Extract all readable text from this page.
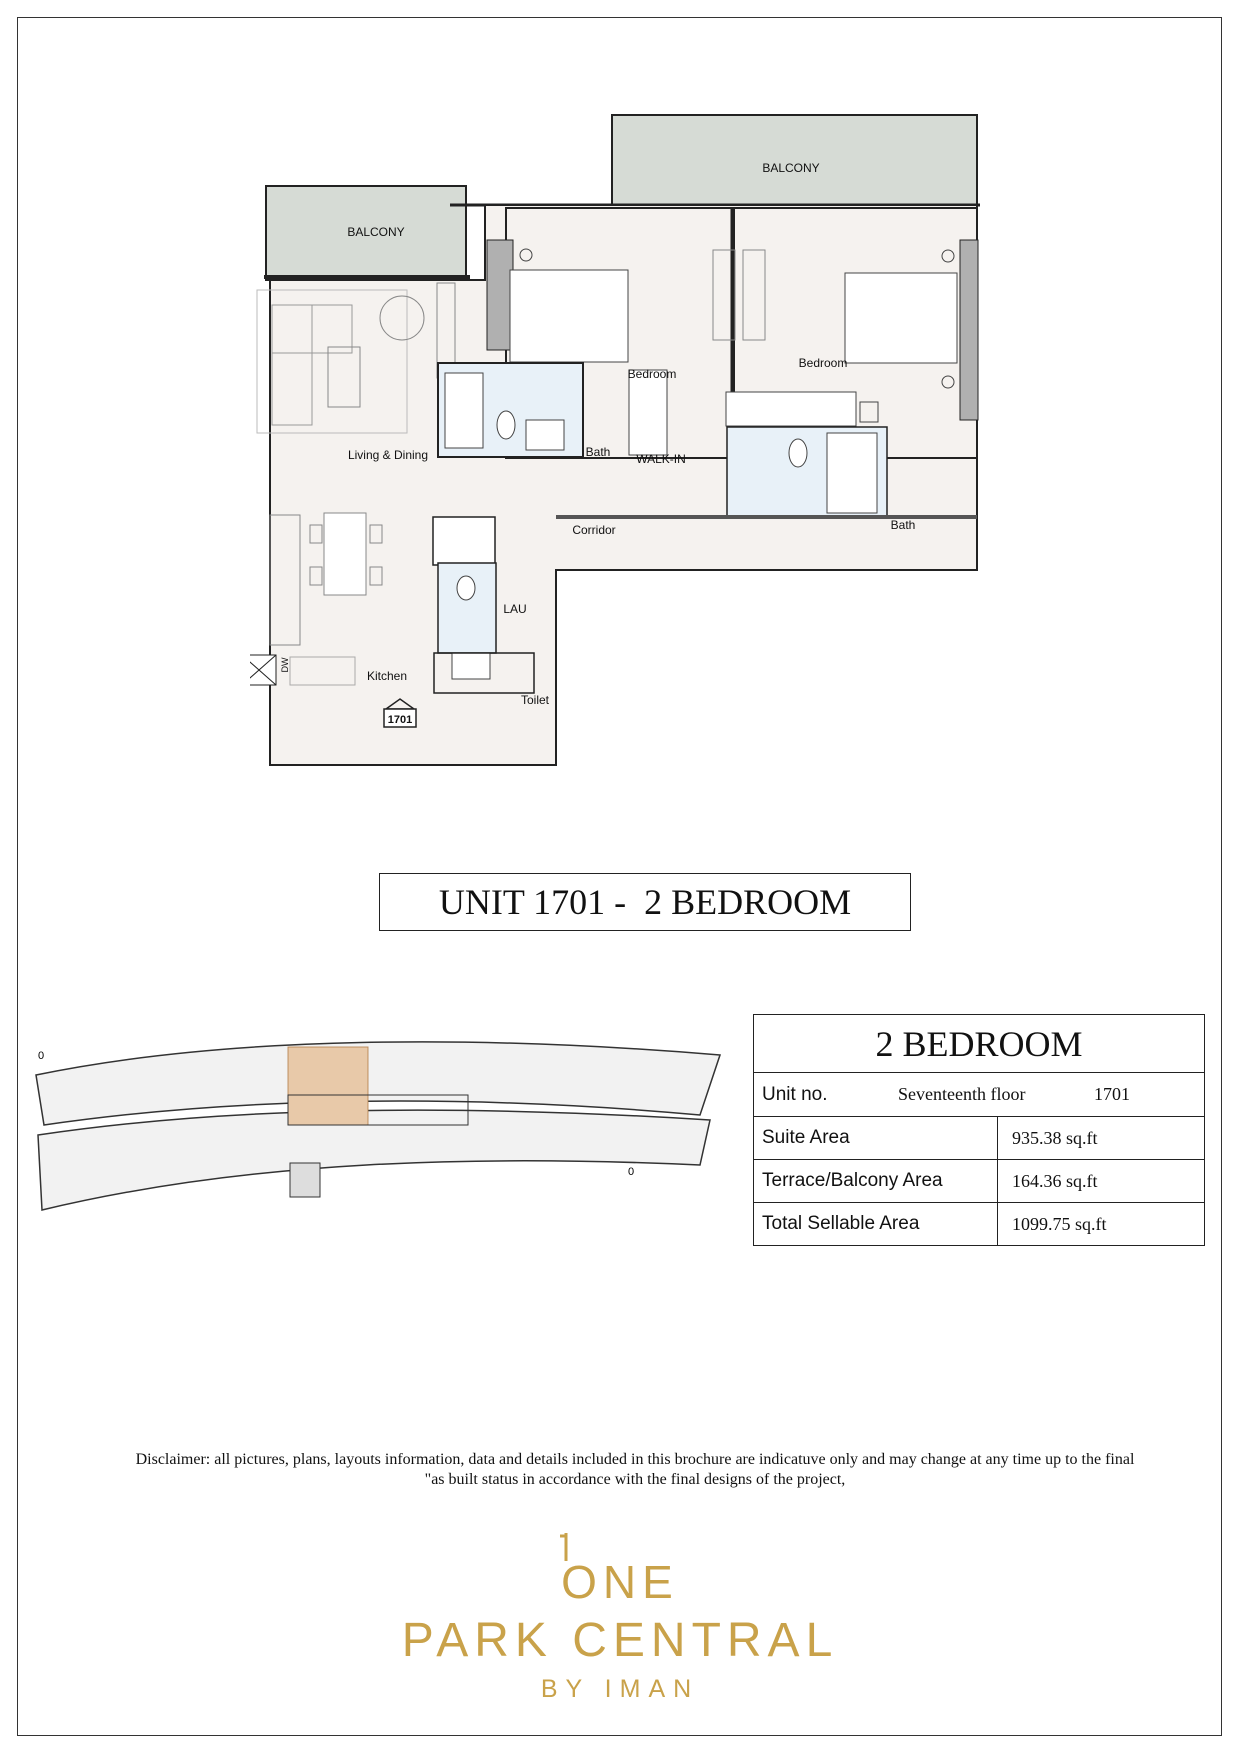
BALCONY
BALCONY
Bedroom
Bedroom
Living & Dining	Bath WALK-IN
Corridor	Bath
LAU
Kitchen
Toilet
DW
1701
UNIT 1701 -  2 BEDROOM
0
0
2 BEDROOM	

Unit no. Seventeenth floor 1701	

Suite Area	935.38 sq.ft
Terrace/Balcony Area	164.36 sq.ft
Total Sellable Area	1099.75 sq.ft
Disclaimer: all pictures, plans, layouts information, data and details included in this brochure are indicatuve only and may change at any time up to the final
"as built status in accordance with the final designs of the project,
ONE
PARK CENTRAL
BY IMAN
